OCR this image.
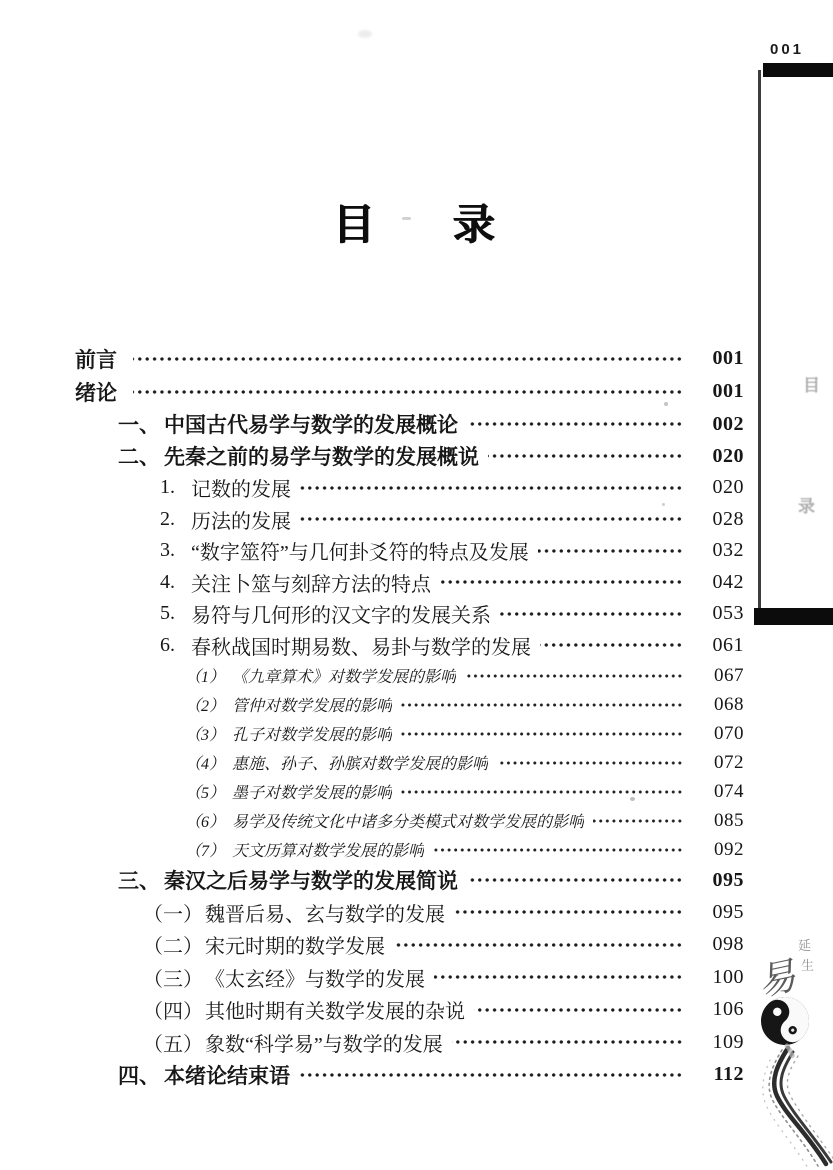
目 录
前言	001
绪论	001
一、 中国古代易学与数学的发展概论	002
二、 先秦之前的易学与数学的发展概说	020
1. 记数的发展	020
2. 历法的发展	028
3. “数字筮符”与几何卦爻符的特点及发展	032
4. 关注卜筮与刻辞方法的特点	042
5. 易符与几何形的汉文字的发展关系	053
6. 春秋战国时期易数、易卦与数学的发展	061
（1） 《九章算术》对数学发展的影响	067
（2） 管仲对数学发展的影响	068
（3） 孔子对数学发展的影响	070
（4） 惠施、孙子、孙膑对数学发展的影响	072
（5） 墨子对数学发展的影响	074
（6） 易学及传统文化中诸多分类模式对数学发展的影响	085
（7） 天文历算对数学发展的影响	092
三、 秦汉之后易学与数学的发展简说	095
（一） 魏晋后易、玄与数学的发展	095
（二） 宋元时期的数学发展	098
（三） 《太玄经》与数学的发展	100
（四） 其他时期有关数学发展的杂说	106
（五） 象数“科学易”与数学的发展	109
四、 本绪论结束语	112
001
目
录
延
生
易
